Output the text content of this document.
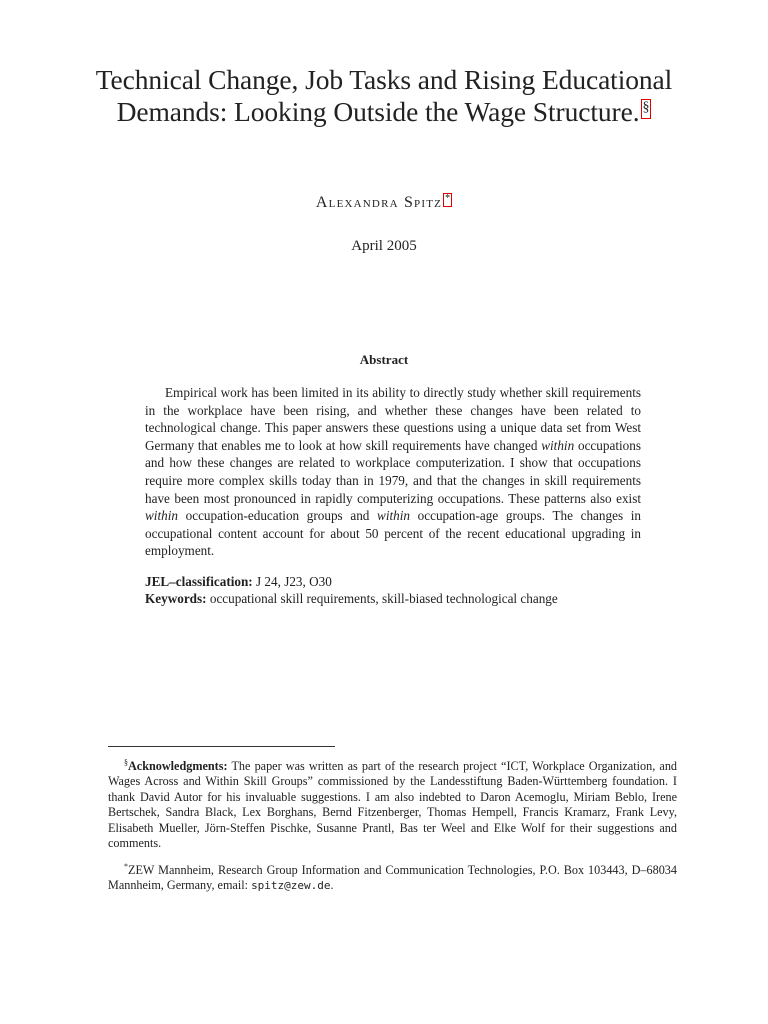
Technical Change, Job Tasks and Rising Educational Demands: Looking Outside the Wage Structure. §
Alexandra Spitz *
April 2005
Abstract

Empirical work has been limited in its ability to directly study whether skill requirements in the workplace have been rising, and whether these changes have been related to technological change. This paper answers these questions using a unique data set from West Germany that enables me to look at how skill requirements have changed within occupations and how these changes are related to workplace computerization. I show that occupations require more complex skills today than in 1979, and that the changes in skill requirements have been most pronounced in rapidly computerizing occupations. These patterns also exist within occupation-education groups and within occupation-age groups. The changes in occupational content account for about 50 percent of the recent educational upgrading in employment.

JEL–classification: J 24, J23, O30
Keywords: occupational skill requirements, skill-biased technological change

§Acknowledgments: The paper was written as part of the research project “ICT, Workplace Organization, and Wages Across and Within Skill Groups” commissioned by the Landesstiftung Baden-Württemberg foundation. I thank David Autor for his invaluable suggestions. I am also indebted to Daron Acemoglu, Miriam Beblo, Irene Bertschek, Sandra Black, Lex Borghans, Bernd Fitzenberger, Thomas Hempell, Francis Kramarz, Frank Levy, Elisabeth Mueller, Jörn-Steffen Pischke, Susanne Prantl, Bas ter Weel and Elke Wolf for their suggestions and comments.

*ZEW Mannheim, Research Group Information and Communication Technologies, P.O. Box 103443, D–68034 Mannheim, Germany, email: spitz@zew.de.
